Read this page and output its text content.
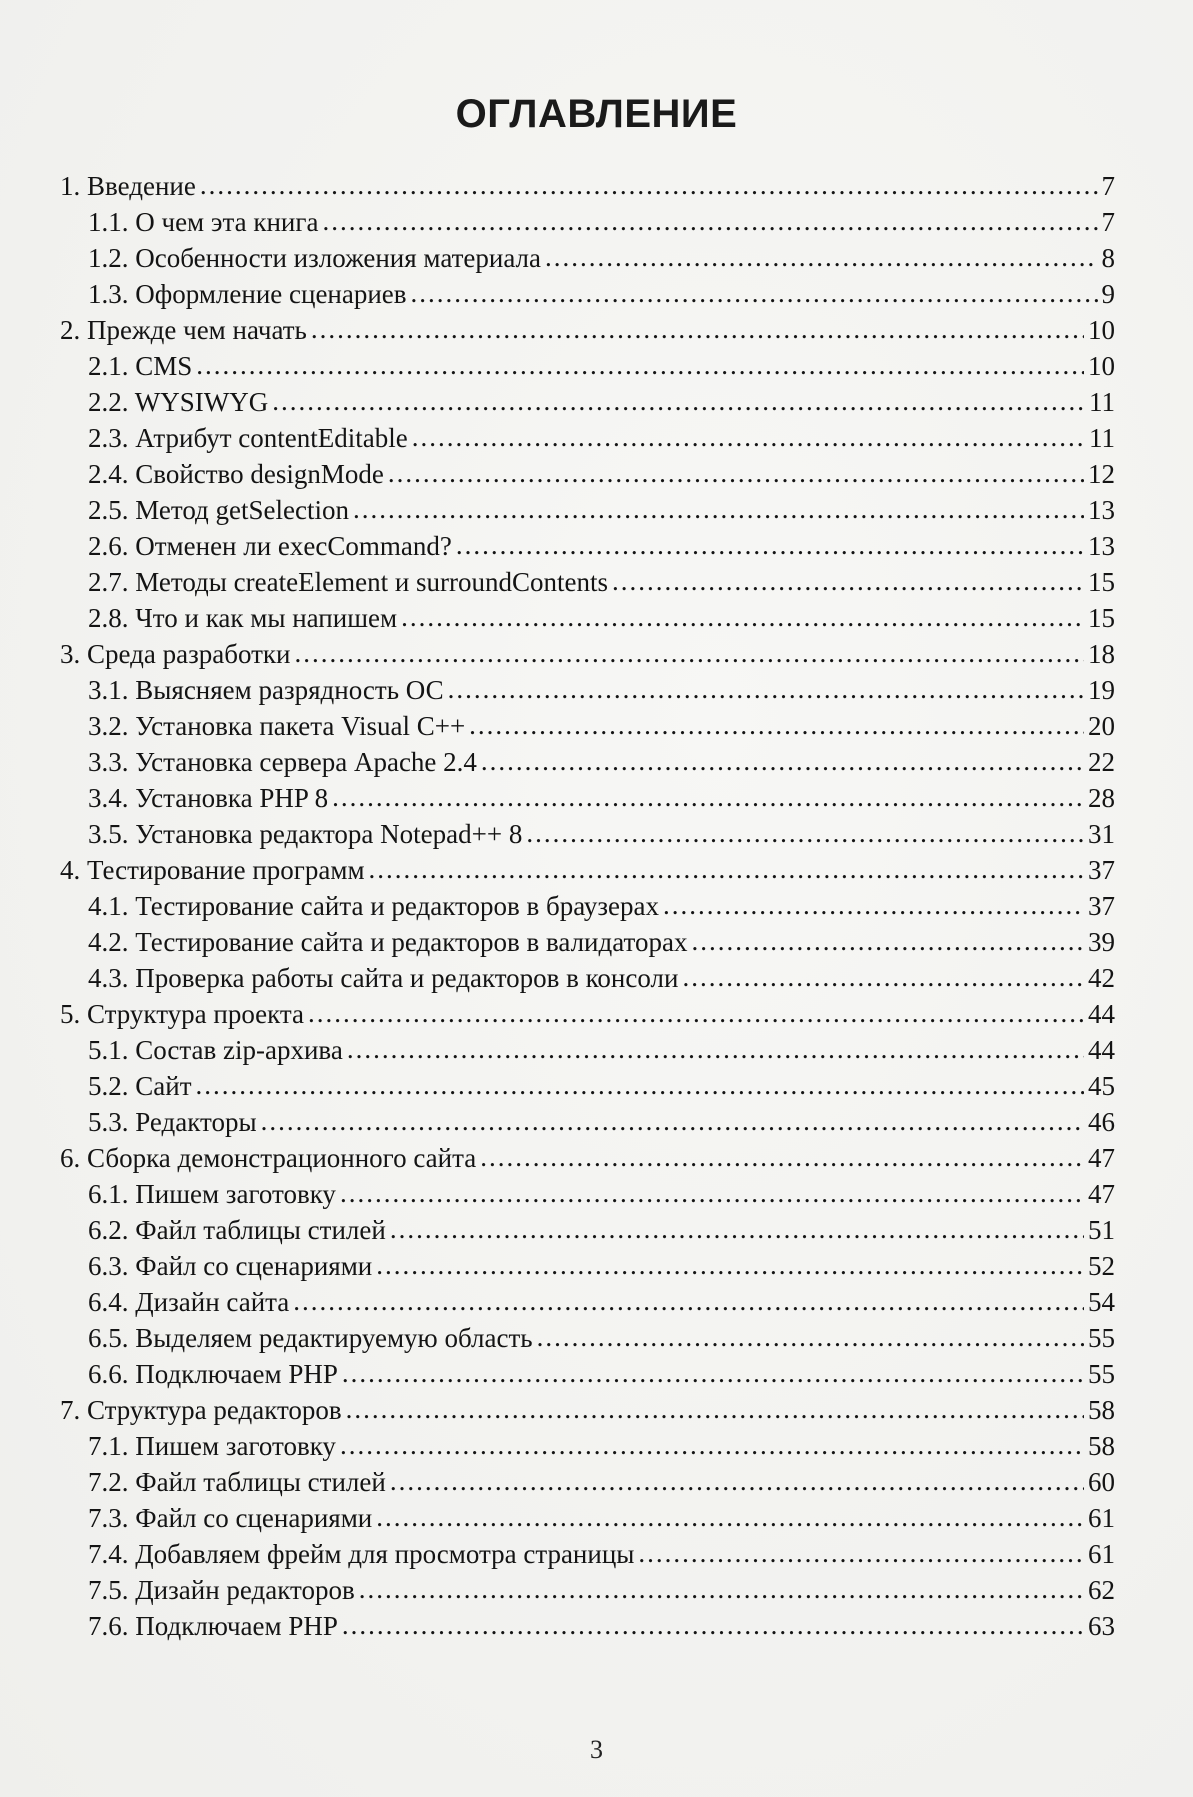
ОГЛАВЛЕНИЕ
1. Введение .....	7
1.1. О чем эта книга .....	7
1.2. Особенности изложения материала .....	8
1.3. Оформление сценариев .....	9
2. Прежде чем начать .....	10
2.1. CMS .....	10
2.2. WYSIWYG .....	11
2.3. Атрибут contentEditable .....	11
2.4. Свойство designMode .....	12
2.5. Метод getSelection .....	13
2.6. Отменен ли execCommand? .....	13
2.7. Методы createElement и surroundContents .....	15
2.8. Что и как мы напишем .....	15
3. Среда разработки .....	18
3.1. Выясняем разрядность ОС .....	19
3.2. Установка пакета Visual C++ .....	20
3.3. Установка сервера Apache 2.4 .....	22
3.4. Установка PHP 8 .....	28
3.5. Установка редактора Notepad++ 8 .....	31
4. Тестирование программ .....	37
4.1. Тестирование сайта и редакторов в браузерах .....	37
4.2. Тестирование сайта и редакторов в валидаторах .....	39
4.3. Проверка работы сайта и редакторов в консоли .....	42
5. Структура проекта .....	44
5.1. Состав zip-архива .....	44
5.2. Сайт .....	45
5.3. Редакторы .....	46
6. Сборка демонстрационного сайта .....	47
6.1. Пишем заготовку .....	47
6.2. Файл таблицы стилей .....	51
6.3. Файл со сценариями .....	52
6.4. Дизайн сайта .....	54
6.5. Выделяем редактируемую область .....	55
6.6. Подключаем PHP .....	55
7. Структура редакторов .....	58
7.1. Пишем заготовку .....	58
7.2. Файл таблицы стилей .....	60
7.3. Файл со сценариями .....	61
7.4. Добавляем фрейм для просмотра страницы .....	61
7.5. Дизайн редакторов .....	62
7.6. Подключаем PHP .....	63
3
